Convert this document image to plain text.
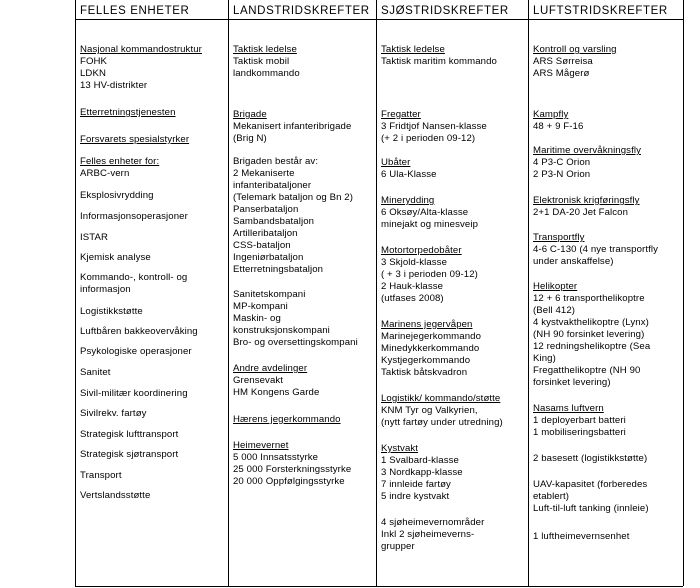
FELLES ENHETER
Nasjonal kommandostruktur
FOHK
LDKN
13 HV-distrikter
Etterretningstjenesten
Forsvarets spesialstyrker
Felles enheter for:
ARBC-vern
Eksplosivrydding
Informasjonsoperasjoner
ISTAR
Kjemisk analyse
Kommando-, kontroll- og
informasjon
Logistikkstøtte
Luftbåren bakkeovervåking
Psykologiske operasjoner
Sanitet
Sivil-militær koordinering
Sivilrekv. fartøy
Strategisk lufttransport
Strategisk sjøtransport
Transport
Vertslandsstøtte
LANDSTRIDSKREFTER
Taktisk ledelse
Taktisk mobil
landkommando
Brigade
Mekanisert infanteribrigade
(Brig N)
Brigaden består av:
2 Mekaniserte
infanteribataljoner
(Telemark bataljon og Bn 2)
Panserbataljon
Sambandsbataljon
Artilleribataljon
CSS-bataljon
Ingeniørbataljon
Etterretningsbataljon
Sanitetskompani
MP-kompani
Maskin- og
konstruksjonskompani
Bro- og oversettingskompani
Andre avdelinger
Grensevakt
HM Kongens Garde
Hærens jegerkommando
Heimevernet
5 000 Innsatsstyrke
25 000 Forsterkningsstyrke
20 000 Oppfølgingsstyrke
SJØSTRIDSKREFTER
Taktisk ledelse
Taktisk maritim kommando
Fregatter
3 Fridtjof Nansen-klasse
(+ 2 i perioden 09-12)
Ubåter
6 Ula-Klasse
Minerydding
6 Oksøy/Alta-klasse
minejakt og minesveip
Motortorpedobåter
3 Skjold-klasse
( + 3 i perioden 09-12)
2 Hauk-klasse
(utfases 2008)
Marinens jegervåpen
Marinejegerkommando
Minedykkerkommando
Kystjegerkommando
Taktisk båtskvadron
Logistikk/ kommando/støtte
KNM Tyr og Valkyrien,
(nytt fartøy under utredning)
Kystvakt
1 Svalbard-klasse
3 Nordkapp-klasse
7 innleide fartøy
5 indre kystvakt
4 sjøheimevernområder
Inkl 2 sjøheimeverns-
grupper
LUFTSTRIDSKREFTER
Kontroll og varsling
ARS Sørreisa
ARS Mågerø
Kampfly
48 + 9 F-16
Maritime overvåkningsfly
4 P3-C Orion
2 P3-N Orion
Elektronisk krigføringsfly
2+1 DA-20 Jet Falcon
Transportfly
4-6 C-130 (4 nye transportfly
under anskaffelse)
Helikopter
12 + 6 transporthelikoptre
(Bell 412)
4 kystvakthelikoptre (Lynx)
(NH 90 forsinket levering)
12 redningshelikoptre (Sea
King)
Fregatthelikoptre (NH 90
forsinket levering)
Nasams luftvern
1 deployerbart batteri
1 mobiliseringsbatteri
2 basesett (logistikkstøtte)
UAV-kapasitet (forberedes
etablert)
Luft-til-luft tanking (innleie)
1 luftheimevernsenhet
